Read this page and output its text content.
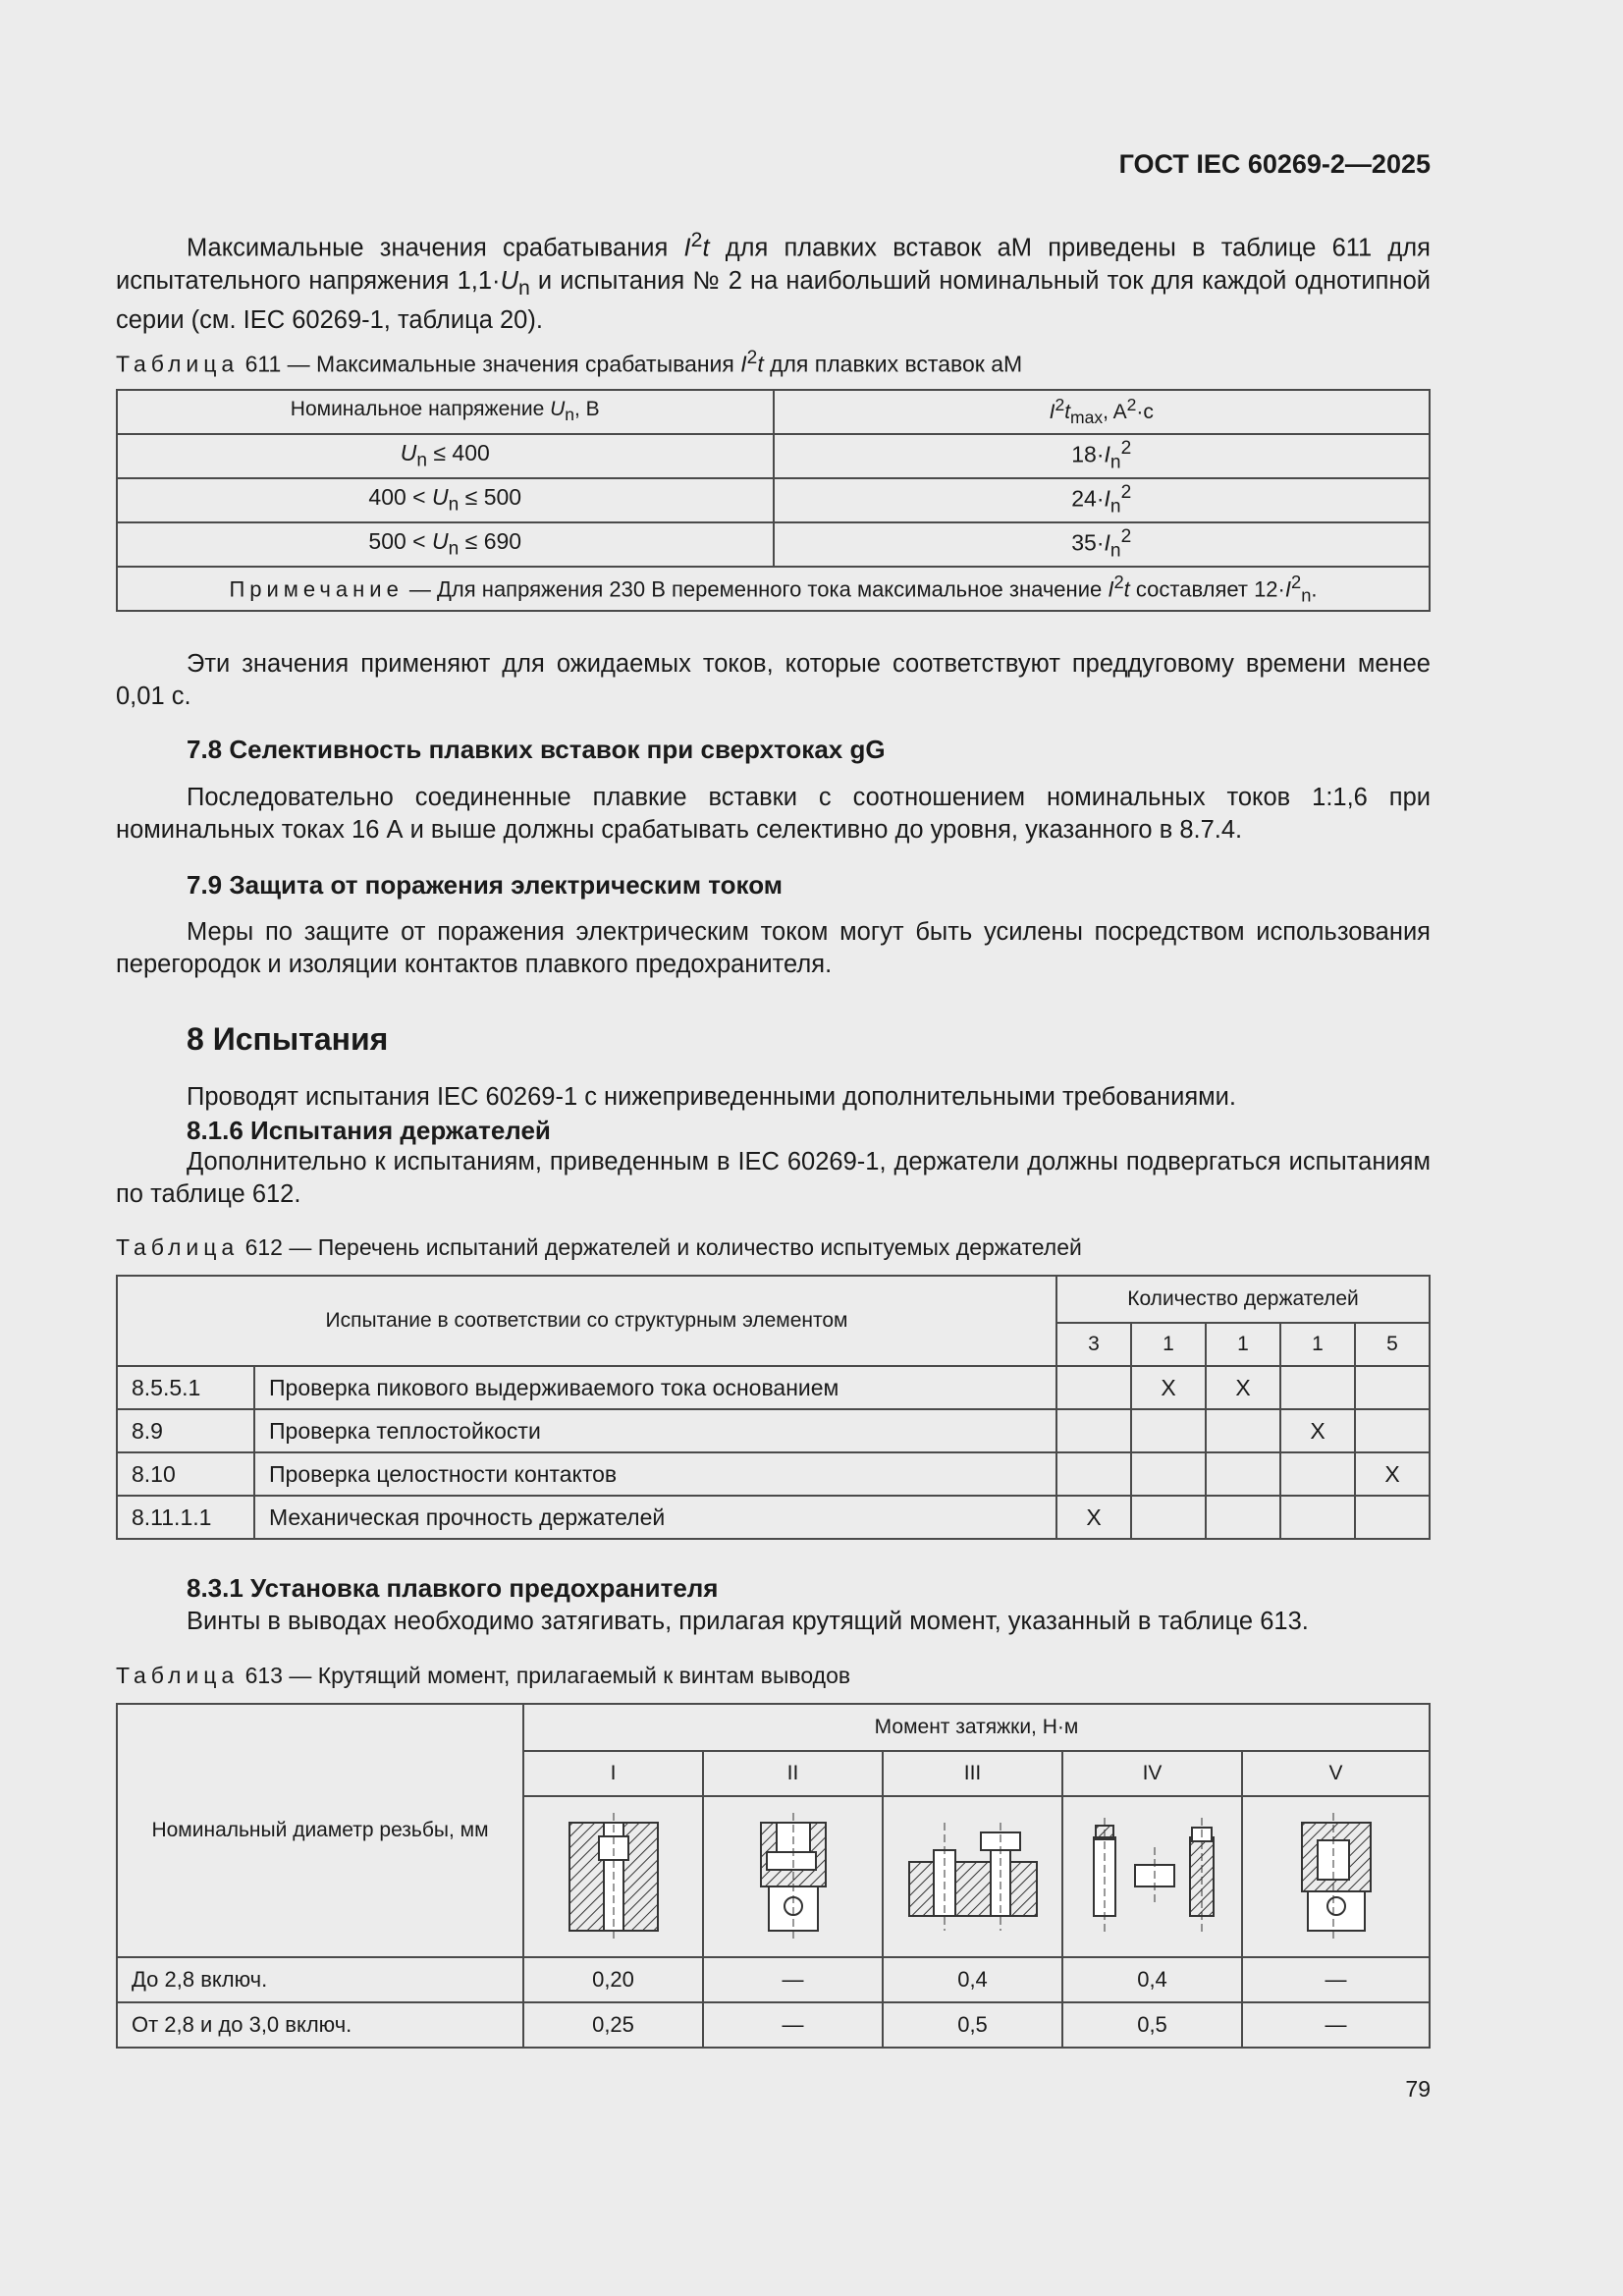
ГОСТ IEC 60269-2—2025

Максимальные значения срабатывания $I^2t$ для плавких вставок aM приведены в таблице 611 для испытательного напряжения $1,1\cdot U_n$ и испытания № 2 на наибольший номинальный ток для каждой однотипной серии (см. IEC 60269-1, таблица 20).

Таблица 611 — Максимальные значения срабатывания $I^2t$ для плавких вставок aM

Номинальное напряжение $U_n$, В	$I^2t_{max}$, $A^2\cdot c$
$U_n \le 400$	$18\cdot I_n^2$
$400 < U_n \le 500$	$24\cdot I_n^2$
$500 < U_n \le 690$	$35\cdot I_n^2$
Примечание — Для напряжения 230 В переменного тока максимальное значение $I^2t$ составляет $12\cdot I^2_n$.	

Эти значения применяют для ожидаемых токов, которые соответствуют преддуговому времени менее 0,01 с.

7.8 Селективность плавких вставок при сверхтоках gG

Последовательно соединенные плавкие вставки с соотношением номинальных токов 1:1,6 при номинальных токах 16 А и выше должны срабатывать селективно до уровня, указанного в 8.7.4.

7.9 Защита от поражения электрическим током

Меры по защите от поражения электрическим током могут быть усилены посредством использования перегородок и изоляции контактов плавкого предохранителя.

8 Испытания

Проводят испытания IEC 60269-1 с нижеприведенными дополнительными требованиями.

8.1.6 Испытания держателей

Дополнительно к испытаниям, приведенным в IEC 60269-1, держатели должны подвергаться испытаниям по таблице 612.

Таблица 612 — Перечень испытаний держателей и количество испытуемых держателей

Испытание в соответствии со структурным элементом		Количество держателей				
		3	1	1	1	5
8.5.5.1	Проверка пикового выдерживаемого тока основанием		X	X		
8.9	Проверка теплостойкости				X	
8.10	Проверка целостности контактов					X
8.11.1.1	Механическая прочность держателей	X				

8.3.1 Установка плавкого предохранителя

Винты в выводах необходимо затягивать, прилагая крутящий момент, указанный в таблице 613.

Таблица 613 — Крутящий момент, прилагаемый к винтам выводов

Номинальный диаметр резьбы, мм	Момент затяжки, Н·м				
	I	II	III	IV	V

До 2,8 включ.	0,20	—	0,4	0,4	—
От 2,8 и до 3,0 включ.	0,25	—	0,5	0,5	—
79
